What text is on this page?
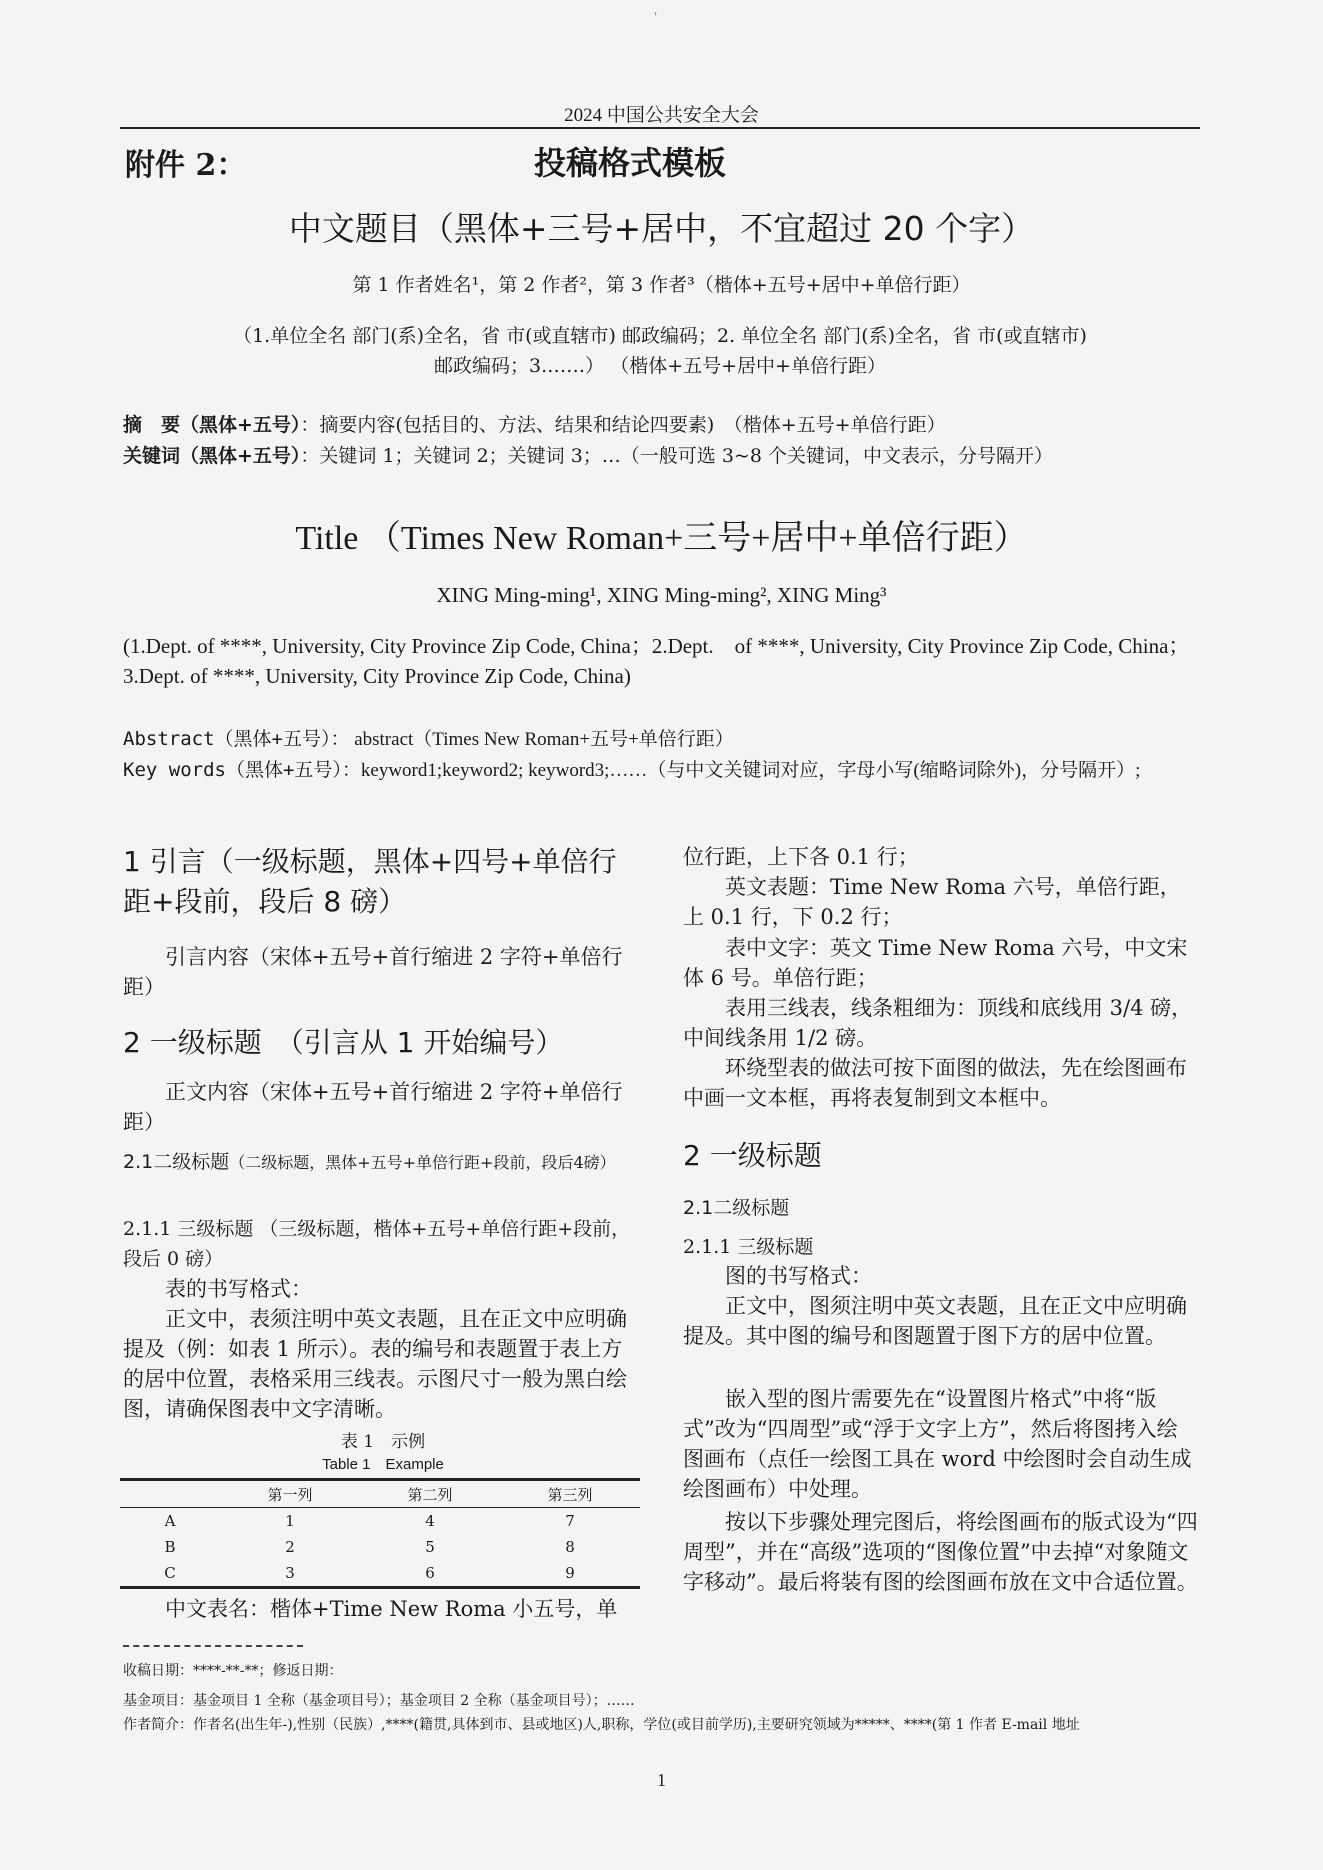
'
2024 中国公共安全大会
附件 2：	投稿格式模板
中文题目（黑体+三号+居中，不宜超过 20 个字）
第 1 作者姓名¹，第 2 作者²，第 3 作者³（楷体+五号+居中+单倍行距）
（1.单位全名 部门(系)全名，省 市(或直辖市) 邮政编码；2. 单位全名 部门(系)全名，省 市(或直辖市)
邮政编码；3.……） （楷体+五号+居中+单倍行距）
摘　要（黑体+五号）：摘要内容(包括目的、方法、结果和结论四要素)　（楷体+五号+单倍行距）
关键词（黑体+五号）：关键词 1；关键词 2；关键词 3；…（一般可选 3~8 个关键词，中文表示，分号隔开）
Title （Times New Roman+三号+居中+单倍行距）
XING Ming-ming¹, XING Ming-ming², XING Ming³
(1.Dept. of ****, University, City Province Zip Code, China；2.Dept.　of ****, University, City Province Zip Code, China；3.Dept. of ****, University, City Province Zip Code, China)
Abstract（黑体+五号）： abstract（Times New Roman+五号+单倍行距）
Key words（黑体+五号）：keyword1;keyword2; keyword3;……（与中文关键词对应，字母小写(缩略词除外)，分号隔开）;
1 引言（一级标题，黑体+四号+单倍行距+段前，段后 8 磅）
引言内容（宋体+五号+首行缩进 2 字符+单倍行距）
2 一级标题　（引言从 1 开始编号）
正文内容（宋体+五号+首行缩进 2 字符+单倍行距）
2.1二级标题（二级标题，黑体+五号+单倍行距+段前，段后4磅）
2.1.1 三级标题 （三级标题，楷体+五号+单倍行距+段前，段后 0 磅）
表的书写格式：
正文中，表须注明中英文表题，且在正文中应明确提及（例：如表 1 所示）。表的编号和表题置于表上方的居中位置，表格采用三线表。示图尺寸一般为黑白绘图，请确保图表中文字清晰。
表 1　示例
Table 1　Example
	第一列	第二列	第三列
A	1	4	7
B	2	5	8
C	3	6	9
中文表名：楷体+Time New Roma 小五号，单
位行距，上下各 0.1 行；
英文表题：Time New Roma 六号，单倍行距，上 0.1 行，下 0.2 行；
表中文字：英文 Time New Roma 六号，中文宋体 6 号。单倍行距；
表用三线表，线条粗细为：顶线和底线用 3/4 磅，中间线条用 1/2 磅。
环绕型表的做法可按下面图的做法，先在绘图画布中画一文本框，再将表复制到文本框中。
2 一级标题
2.1二级标题
2.1.1 三级标题
图的书写格式：
正文中，图须注明中英文表题，且在正文中应明确提及。其中图的编号和图题置于图下方的居中位置。
嵌入型的图片需要先在“设置图片格式”中将“版式”改为“四周型”或“浮于文字上方”，然后将图拷入绘图画布（点任一绘图工具在 word 中绘图时会自动生成绘图画布）中处理。
按以下步骤处理完图后，将绘图画布的版式设为“四周型”，并在“高级”选项的“图像位置”中去掉“对象随文字移动”。最后将装有图的绘图画布放在文中合适位置。
收稿日期：****-**-**；修返日期：
基金项目：基金项目 1 全称（基金项目号）；基金项目 2 全称（基金项目号）；……
作者简介：作者名(出生年-),性别（民族）,****(籍贯,具体到市、县或地区)人,职称，学位(或目前学历),主要研究领域为*****、****(第 1 作者 E-mail 地址
1
